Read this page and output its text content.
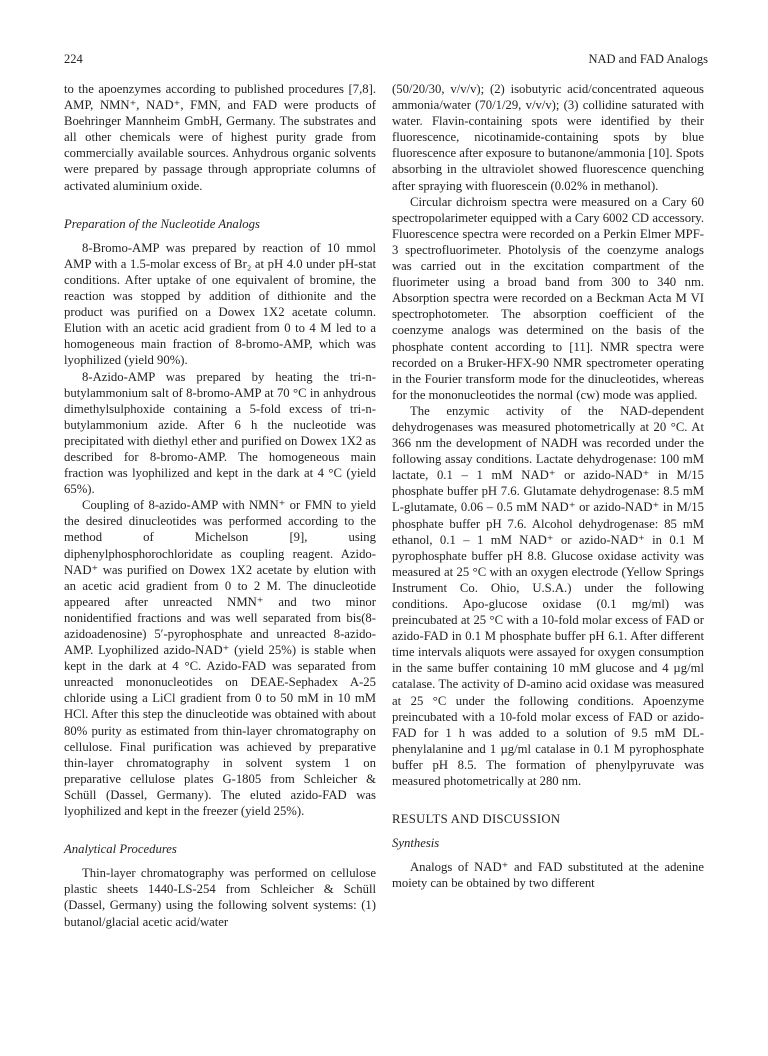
224	NAD and FAD Analogs

to the apoenzymes according to published procedures [7,8]. AMP, NMN⁺, NAD⁺, FMN, and FAD were products of Boehringer Mannheim GmbH, Germany. The substrates and all other chemicals were of highest purity grade from commercially available sources. Anhydrous organic solvents were prepared by passage through appropriate columns of activated aluminium oxide.

Preparation of the Nucleotide Analogs

8-Bromo-AMP was prepared by reaction of 10 mmol AMP with a 1.5-molar excess of Br₂ at pH 4.0 under pH-stat conditions. After uptake of one equivalent of bromine, the reaction was stopped by addition of dithionite and the product was purified on a Dowex 1X2 acetate column. Elution with an acetic acid gradient from 0 to 4 M led to a homogeneous main fraction of 8-bromo-AMP, which was lyophilized (yield 90%).

8-Azido-AMP was prepared by heating the tri-n-butylammonium salt of 8-bromo-AMP at 70 °C in anhydrous dimethylsulphoxide containing a 5-fold excess of tri-n-butylammonium azide. After 6 h the nucleotide was precipitated with diethyl ether and purified on Dowex 1X2 as described for 8-bromo-AMP. The homogeneous main fraction was lyophilized and kept in the dark at 4 °C (yield 65%).

Coupling of 8-azido-AMP with NMN⁺ or FMN to yield the desired dinucleotides was performed according to the method of Michelson [9], using diphenylphosphorochloridate as coupling reagent. Azido-NAD⁺ was purified on Dowex 1X2 acetate by elution with an acetic acid gradient from 0 to 2 M. The dinucleotide appeared after unreacted NMN⁺ and two minor nonidentified fractions and was well separated from bis(8-azidoadenosine) 5′-pyrophosphate and unreacted 8-azido-AMP. Lyophilized azido-NAD⁺ (yield 25%) is stable when kept in the dark at 4 °C. Azido-FAD was separated from unreacted mononucleotides on DEAE-Sephadex A-25 chloride using a LiCl gradient from 0 to 50 mM in 10 mM HCl. After this step the dinucleotide was obtained with about 80% purity as estimated from thin-layer chromatography on cellulose. Final purification was achieved by preparative thin-layer chromatography in solvent system 1 on preparative cellulose plates G-1805 from Schleicher & Schüll (Dassel, Germany). The eluted azido-FAD was lyophilized and kept in the freezer (yield 25%).

Analytical Procedures

Thin-layer chromatography was performed on cellulose plastic sheets 1440-LS-254 from Schleicher & Schüll (Dassel, Germany) using the following solvent systems: (1) butanol/glacial acetic acid/water

(50/20/30, v/v/v); (2) isobutyric acid/concentrated aqueous ammonia/water (70/1/29, v/v/v); (3) collidine saturated with water. Flavin-containing spots were identified by their fluorescence, nicotinamide-containing spots by blue fluorescence after exposure to butanone/ammonia [10]. Spots absorbing in the ultraviolet showed fluorescence quenching after spraying with fluorescein (0.02% in methanol).

Circular dichroism spectra were measured on a Cary 60 spectropolarimeter equipped with a Cary 6002 CD accessory. Fluorescence spectra were recorded on a Perkin Elmer MPF-3 spectrofluorimeter. Photolysis of the coenzyme analogs was carried out in the excitation compartment of the fluorimeter using a broad band from 300 to 340 nm. Absorption spectra were recorded on a Beckman Acta M VI spectrophotometer. The absorption coefficient of the coenzyme analogs was determined on the basis of the phosphate content according to [11]. NMR spectra were recorded on a Bruker-HFX-90 NMR spectrometer operating in the Fourier transform mode for the dinucleotides, whereas for the mononucleotides the normal (cw) mode was applied.

The enzymic activity of the NAD-dependent dehydrogenases was measured photometrically at 20 °C. At 366 nm the development of NADH was recorded under the following assay conditions. Lactate dehydrogenase: 100 mM lactate, 0.1 – 1 mM NAD⁺ or azido-NAD⁺ in M/15 phosphate buffer pH 7.6. Glutamate dehydrogenase: 8.5 mM L-glutamate, 0.06 – 0.5 mM NAD⁺ or azido-NAD⁺ in M/15 phosphate buffer pH 7.6. Alcohol dehydrogenase: 85 mM ethanol, 0.1 – 1 mM NAD⁺ or azido-NAD⁺ in 0.1 M pyrophosphate buffer pH 8.8. Glucose oxidase activity was measured at 25 °C with an oxygen electrode (Yellow Springs Instrument Co. Ohio, U.S.A.) under the following conditions. Apo-glucose oxidase (0.1 mg/ml) was preincubated at 25 °C with a 10-fold molar excess of FAD or azido-FAD in 0.1 M phosphate buffer pH 6.1. After different time intervals aliquots were assayed for oxygen consumption in the same buffer containing 10 mM glucose and 4 µg/ml catalase. The activity of D-amino acid oxidase was measured at 25 °C under the following conditions. Apoenzyme preincubated with a 10-fold molar excess of FAD or azido-FAD for 1 h was added to a solution of 9.5 mM DL-phenylalanine and 1 µg/ml catalase in 0.1 M pyrophosphate buffer pH 8.5. The formation of phenylpyruvate was measured photometrically at 280 nm.

RESULTS AND DISCUSSION

Synthesis

Analogs of NAD⁺ and FAD substituted at the adenine moiety can be obtained by two different
